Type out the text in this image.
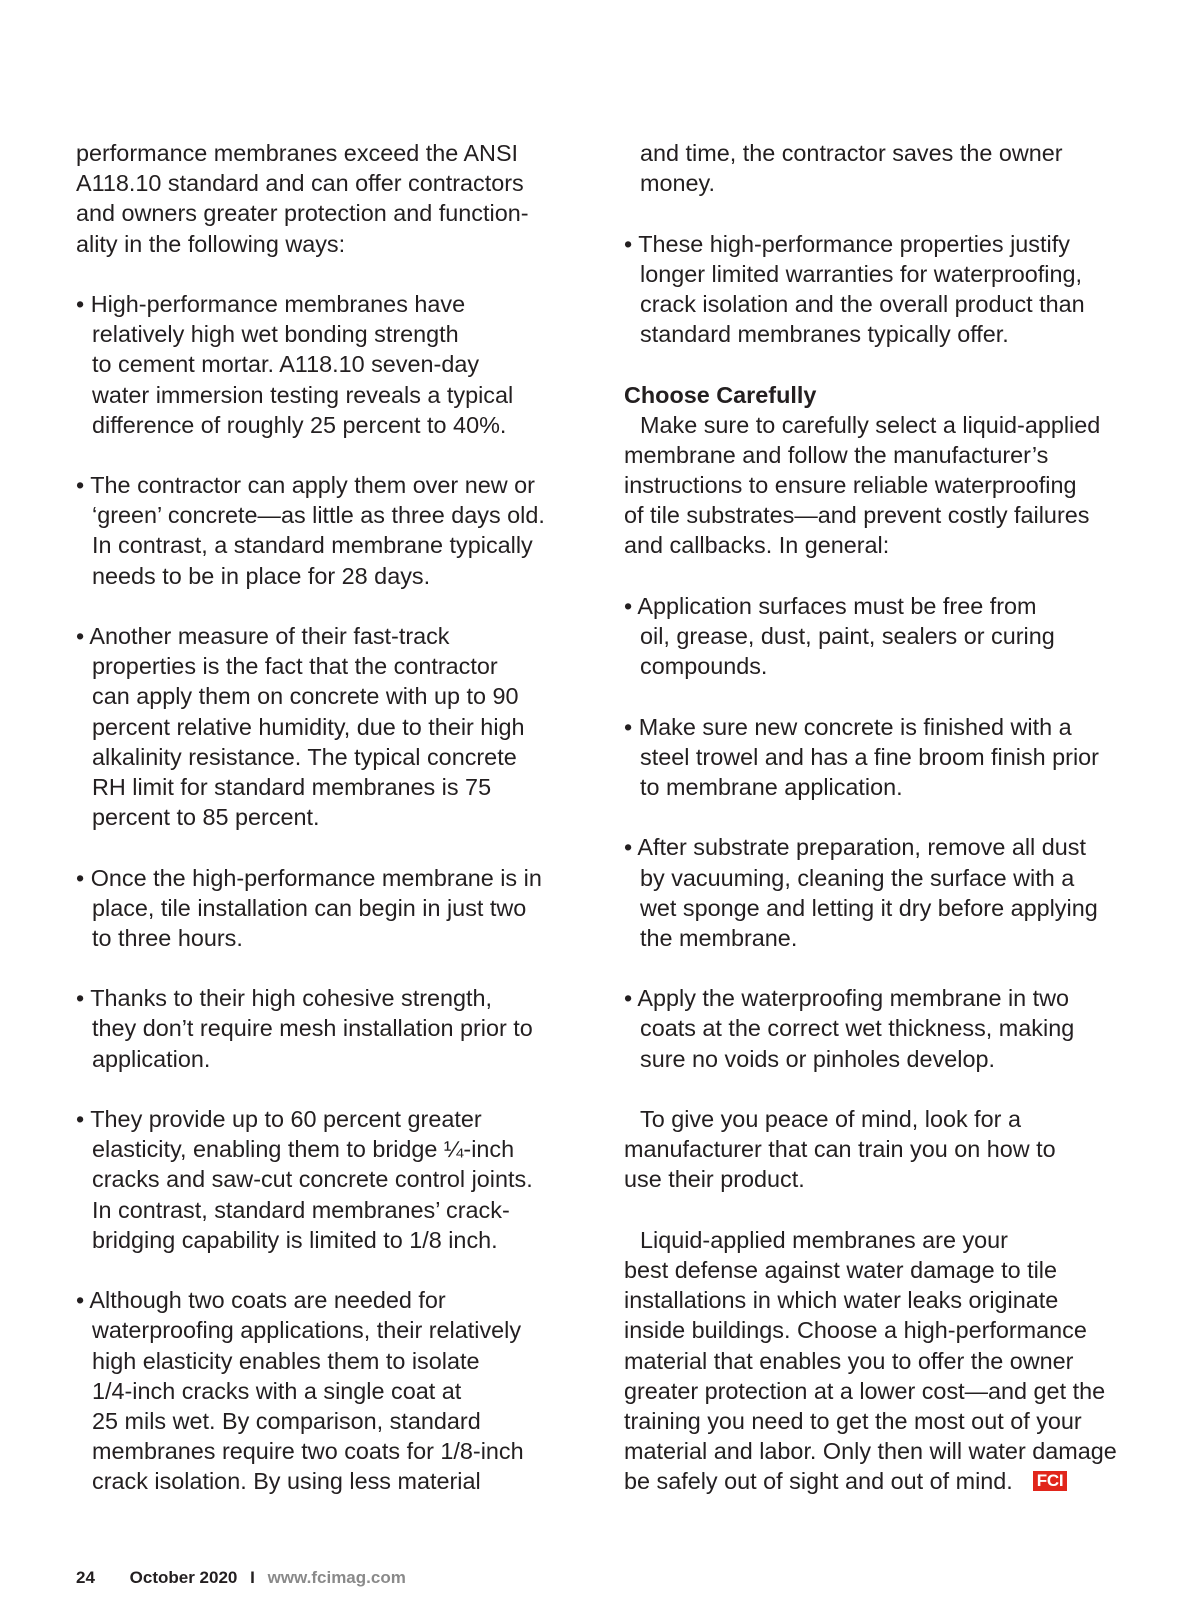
performance membranes exceed the ANSI
A118.10 standard and can offer contractors
and owners greater protection and function-
ality in the following ways:
• High-performance membranes have
relatively high wet bonding strength
to cement mortar. A118.10 seven-day
water immersion testing reveals a typical
difference of roughly 25 percent to 40%.
• The contractor can apply them over new or
‘green’ concrete—as little as three days old.
In contrast, a standard membrane typically
needs to be in place for 28 days.
• Another measure of their fast-track
properties is the fact that the contractor
can apply them on concrete with up to 90
percent relative humidity, due to their high
alkalinity resistance. The typical concrete
RH limit for standard membranes is 75
percent to 85 percent.
• Once the high-performance membrane is in
place, tile installation can begin in just two
to three hours.
• Thanks to their high cohesive strength,
they don’t require mesh installation prior to
application.
• They provide up to 60 percent greater
elasticity, enabling them to bridge ¼-inch
cracks and saw-cut concrete control joints.
In contrast, standard membranes’ crack-
bridging capability is limited to 1/8 inch.
• Although two coats are needed for
waterproofing applications, their relatively
high elasticity enables them to isolate
1/4-inch cracks with a single coat at
25 mils wet. By comparison, standard
membranes require two coats for 1/8-inch
crack isolation. By using less material
and time, the contractor saves the owner
money.
• These high-performance properties justify
longer limited warranties for waterproofing,
crack isolation and the overall product than
standard membranes typically offer.
Choose Carefully
Make sure to carefully select a liquid-applied
membrane and follow the manufacturer’s
instructions to ensure reliable waterproofing
of tile substrates—and prevent costly failures
and callbacks. In general:
• Application surfaces must be free from
oil, grease, dust, paint, sealers or curing
compounds.
• Make sure new concrete is finished with a
steel trowel and has a fine broom finish prior
to membrane application.
• After substrate preparation, remove all dust
by vacuuming, cleaning the surface with a
wet sponge and letting it dry before applying
the membrane.
• Apply the waterproofing membrane in two
coats at the correct wet thickness, making
sure no voids or pinholes develop.
To give you peace of mind, look for a
manufacturer that can train you on how to
use their product.
Liquid-applied membranes are your
best defense against water damage to tile
installations in which water leaks originate
inside buildings. Choose a high-performance
material that enables you to offer the owner
greater protection at a lower cost—and get the
training you need to get the most out of your
material and labor. Only then will water damage
be safely out of sight and out of mind. FCI
24 October 2020 I www.fcimag.com
